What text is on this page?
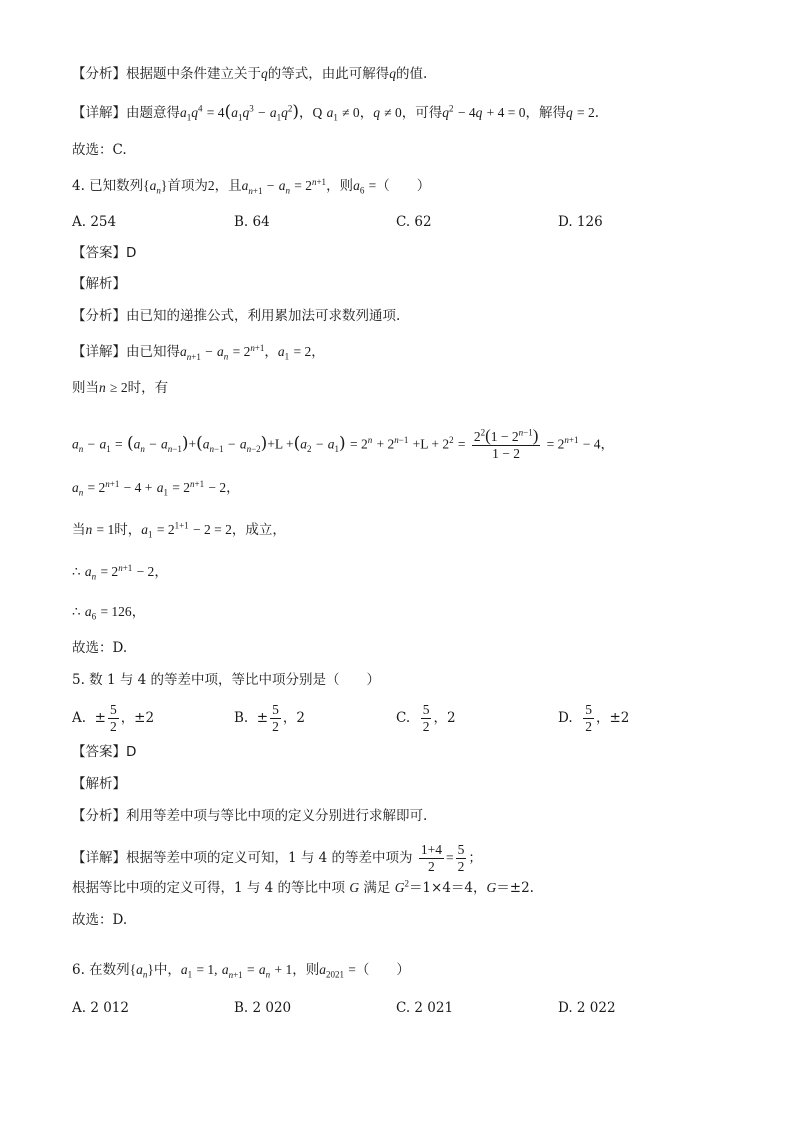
【分析】根据题中条件建立关于q的等式，由此可解得q的值.
【详解】由题意得$a_1q^4 = 4(a_1q^3 - a_1q^2)$，Q $a_1 \ne 0$，q ≠ 0，可得$q^2 - 4q + 4 = 0$，解得q = 2.
故选：C.
4. 已知数列$\{a_n\}$首项为2，且$a_{n+1} - a_n = 2^{n+1}$，则$a_6$ =（　　）
A. 254	B. 64	C. 62	D. 126
【答案】D
【解析】
【分析】由已知的递推公式，利用累加法可求数列通项.
【详解】由已知得$a_{n+1} - a_n = 2^{n+1}$，$a_1 = 2$，
则当n ≥ 2时，有
$a_n - a_1 = (a_n - a_{n-1})+(a_{n-1} - a_{n-2})+L +(a_2 - a_1) = 2^n + 2^{n-1} +L + 2^2 = \frac{2^2(1 - 2^{n-1})}{1 - 2} = 2^{n+1} - 4$，
$a_n = 2^{n+1} - 4 + a_1 = 2^{n+1} - 2$，
当n = 1时，$a_1 = 2^{1+1} - 2 = 2$，成立，
∴ $a_n = 2^{n+1} - 2$，
∴ $a_6 = 126$，
故选：D.
5. 数 1 与 4 的等差中项，等比中项分别是（　　）
A.  ± $\frac{5}{2}$ ，±2	B.  ± $\frac{5}{2}$ ，2	C. $\frac{5}{2}$ ，2	D. $\frac{5}{2}$ ，±2
【答案】D
【解析】
【分析】利用等差中项与等比中项的定义分别进行求解即可.
【详解】根据等差中项的定义可知，1 与 4 的等差中项为 $\frac{1+4}{2} = \frac{5}{2}$ ；
根据等比中项的定义可得，1 与 4 的等比中项 G 满足 $G^2=1\times 4=4$，G＝±2.
故选：D.
6. 在数列$\{a_n\}$中，$a_1 = 1$, $a_{n+1} = a_n + 1$，则$a_{2021}$ =（　　）
A. 2 012	B. 2 020	C. 2 021	D. 2 022
